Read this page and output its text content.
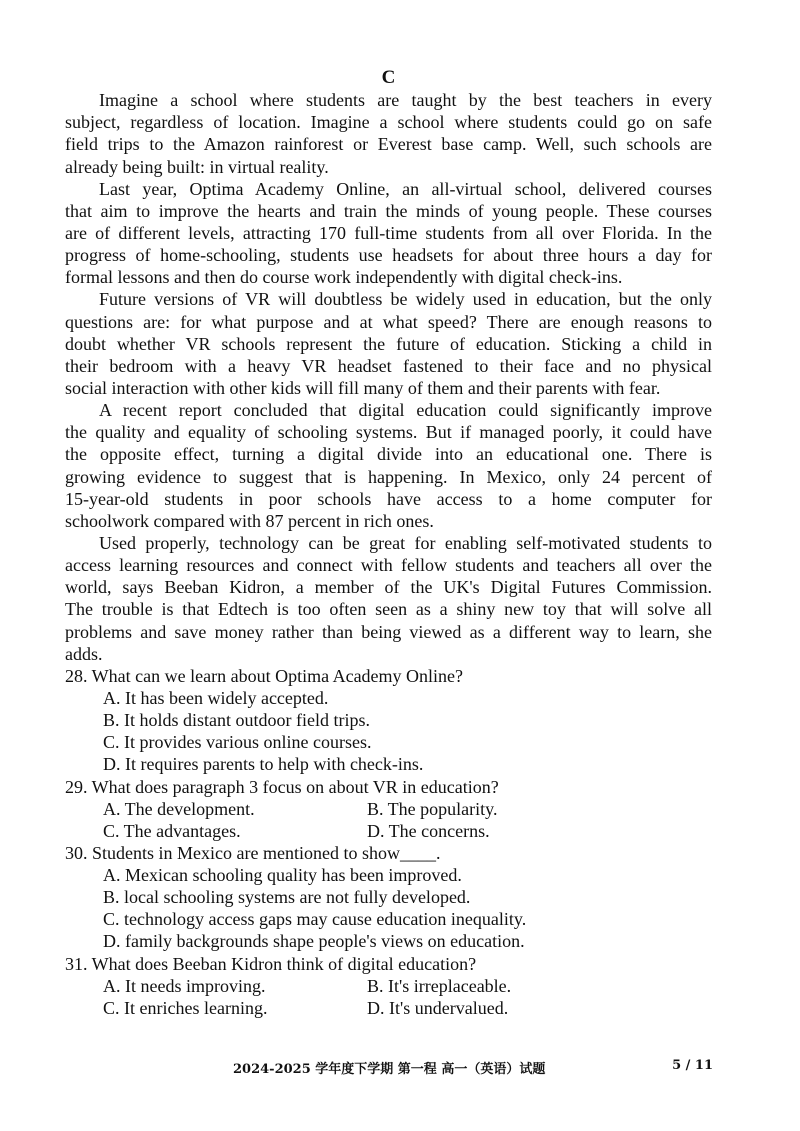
C
Imagine a school where students are taught by the best teachers in every
subject, regardless of location. Imagine a school where students could go on safe
field trips to the Amazon rainforest or Everest base camp. Well, such schools are
already being built: in virtual reality.
Last year, Optima Academy Online, an all-virtual school, delivered courses
that aim to improve the hearts and train the minds of young people. These courses
are of different levels, attracting 170 full-time students from all over Florida. In the
progress of home-schooling, students use headsets for about three hours a day for
formal lessons and then do course work independently with digital check-ins.
Future versions of VR will doubtless be widely used in education, but the only
questions are: for what purpose and at what speed? There are enough reasons to
doubt whether VR schools represent the future of education. Sticking a child in
their bedroom with a heavy VR headset fastened to their face and no physical
social interaction with other kids will fill many of them and their parents with fear.
A recent report concluded that digital education could significantly improve
the quality and equality of schooling systems. But if managed poorly, it could have
the opposite effect, turning a digital divide into an educational one. There is
growing evidence to suggest that is happening. In Mexico, only 24 percent of
15-year-old students in poor schools have access to a home computer for
schoolwork compared with 87 percent in rich ones.
Used properly, technology can be great for enabling self-motivated students to
access learning resources and connect with fellow students and teachers all over the
world, says Beeban Kidron, a member of the UK's Digital Futures Commission.
The trouble is that Edtech is too often seen as a shiny new toy that will solve all
problems and save money rather than being viewed as a different way to learn, she
adds.
28. What can we learn about Optima Academy Online?
A. It has been widely accepted.
B. It holds distant outdoor field trips.
C. It provides various online courses.
D. It requires parents to help with check-ins.
29. What does paragraph 3 focus on about VR in education?
A. The development.	B. The popularity.
C. The advantages.	D. The concerns.
30. Students in Mexico are mentioned to show____.
A. Mexican schooling quality has been improved.
B. local schooling systems are not fully developed.
C. technology access gaps may cause education inequality.
D. family backgrounds shape people's views on education.
31. What does Beeban Kidron think of digital education?
A. It needs improving.	B. It's irreplaceable.
C. It enriches learning.	D. It's undervalued.
2024-2025 学年度下学期 第一程 高一（英语）试题	5 / 11
